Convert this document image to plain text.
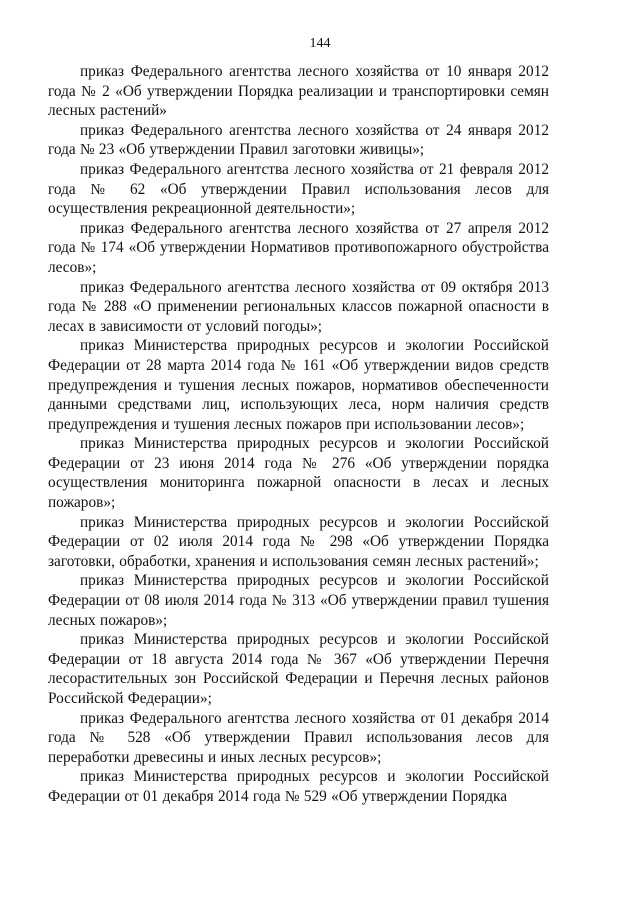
144

приказ Федерального агентства лесного хозяйства от 10 января 2012 года № 2 «Об утверждении Порядка реализации и транспортировки семян лесных растений»

приказ Федерального агентства лесного хозяйства от 24 января 2012 года № 23 «Об утверждении Правил заготовки живицы»;

приказ Федерального агентства лесного хозяйства от 21 февраля 2012 года № 62 «Об утверждении Правил использования лесов для осуществления рекреационной деятельности»;

приказ Федерального агентства лесного хозяйства от 27 апреля 2012 года № 174 «Об утверждении Нормативов противопожарного обустройства лесов»;

приказ Федерального агентства лесного хозяйства от 09 октября 2013 года № 288 «О применении региональных классов пожарной опасности в лесах в зависимости от условий погоды»;

приказ Министерства природных ресурсов и экологии Российской Федерации от 28 марта 2014 года № 161 «Об утверждении видов средств предупреждения и тушения лесных пожаров, нормативов обеспеченности данными средствами лиц, использующих леса, норм наличия средств предупреждения и тушения лесных пожаров при использовании лесов»;

приказ Министерства природных ресурсов и экологии Российской Федерации от 23 июня 2014 года № 276 «Об утверждении порядка осуществления мониторинга пожарной опасности в лесах и лесных пожаров»;

приказ Министерства природных ресурсов и экологии Российской Федерации от 02 июля 2014 года № 298 «Об утверждении Порядка заготовки, обработки, хранения и использования семян лесных растений»;

приказ Министерства природных ресурсов и экологии Российской Федерации от 08 июля 2014 года № 313 «Об утверждении правил тушения лесных пожаров»;

приказ Министерства природных ресурсов и экологии Российской Федерации от 18 августа 2014 года № 367 «Об утверждении Перечня лесорастительных зон Российской Федерации и Перечня лесных районов Российской Федерации»;

приказ Федерального агентства лесного хозяйства от 01 декабря 2014 года № 528 «Об утверждении Правил использования лесов для переработки древесины и иных лесных ресурсов»;

приказ Министерства природных ресурсов и экологии Российской Федерации от 01 декабря 2014 года № 529 «Об утверждении Порядка
